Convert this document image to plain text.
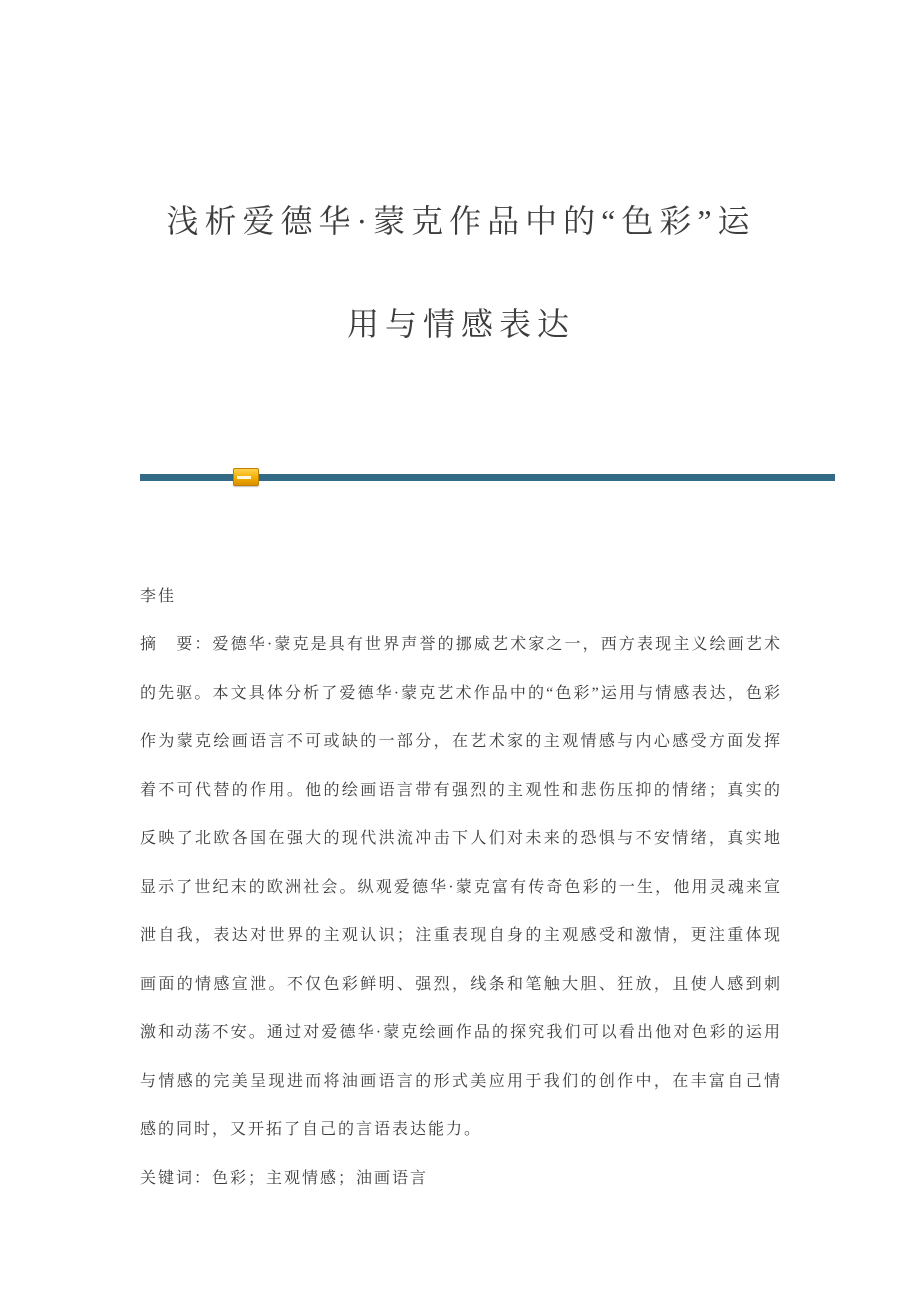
浅析爱德华·蒙克作品中的“色彩”运
用与情感表达

李佳

摘　要：爱德华·蒙克是具有世界声誉的挪威艺术家之一，西方表现主义绘画艺术的先驱。本文具体分析了爱德华·蒙克艺术作品中的“色彩”运用与情感表达，色彩作为蒙克绘画语言不可或缺的一部分，在艺术家的主观情感与内心感受方面发挥着不可代替的作用。他的绘画语言带有强烈的主观性和悲伤压抑的情绪；真实的反映了北欧各国在强大的现代洪流冲击下人们对未来的恐惧与不安情绪，真实地显示了世纪末的欧洲社会。纵观爱德华·蒙克富有传奇色彩的一生，他用灵魂来宣泄自我，表达对世界的主观认识；注重表现自身的主观感受和激情，更注重体现画面的情感宣泄。不仅色彩鲜明、强烈，线条和笔触大胆、狂放，且使人感到刺激和动荡不安。通过对爱德华·蒙克绘画作品的探究我们可以看出他对色彩的运用与情感的完美呈现进而将油画语言的形式美应用于我们的创作中，在丰富自己情感的同时，又开拓了自己的言语表达能力。

关键词：色彩；主观情感；油画语言
